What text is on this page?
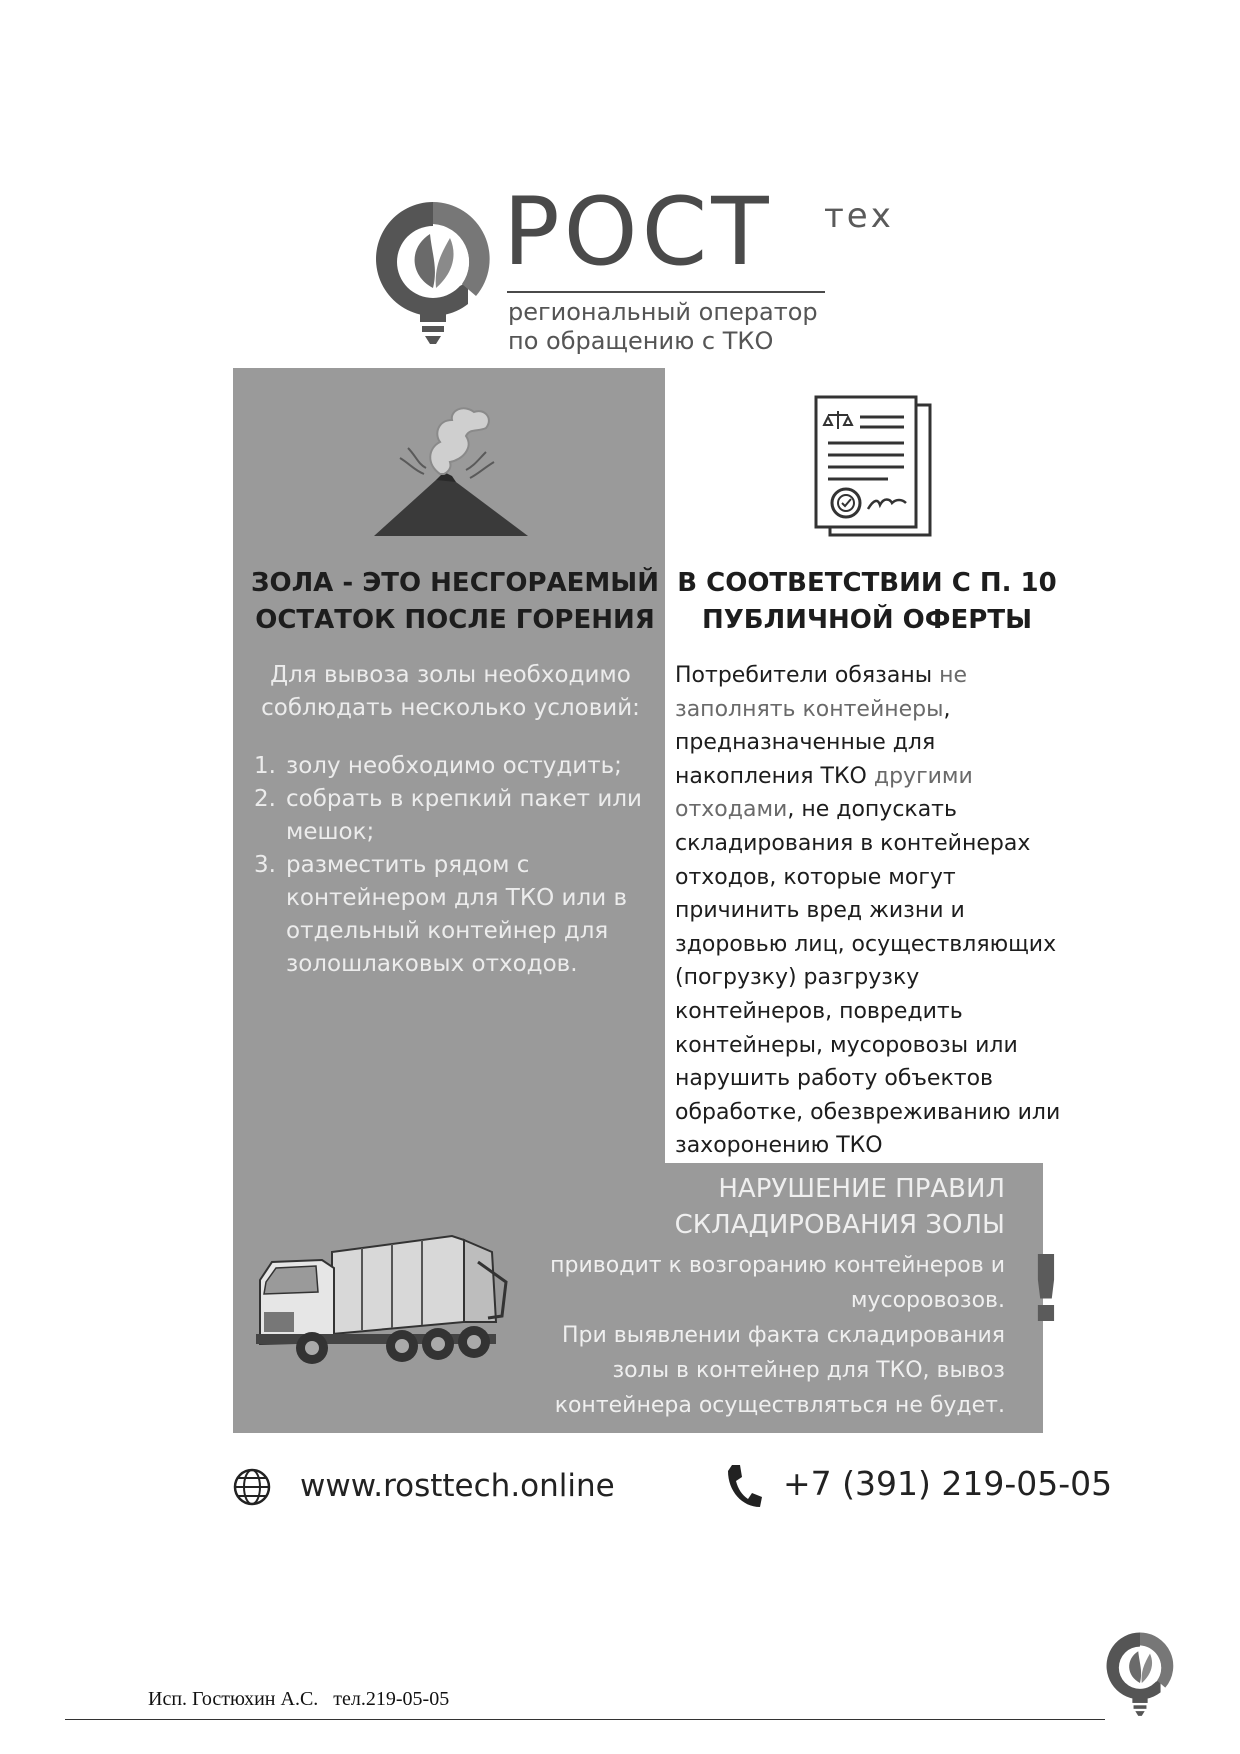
РОСТ тех
региональный оператор
по обращению с ТКО
ЗОЛА - ЭТО НЕСГОРАЕМЫЙ
ОСТАТОК ПОСЛЕ ГОРЕНИЯ
В СООТВЕТСТВИИ С П. 10
ПУБЛИЧНОЙ ОФЕРТЫ
Для вывоза золы необходимо
соблюдать несколько условий:
1. золу необходимо остудить;
2. собрать в крепкий пакет или мешок;
3. разместить рядом с контейнером для ТКО или в отдельный контейнер для золошлаковых отходов.

Потребители обязаны не заполнять контейнеры, предназначенные для накопления ТКО другими отходами, не допускать складирования в контейнерах отходов, которые могут причинить вред жизни и здоровью лиц, осуществляющих (погрузку) разгрузку контейнеров, повредить контейнеры, мусоровозы или нарушить работу объектов обработке, обезвреживанию или захоронению ТКО

НАРУШЕНИЕ ПРАВИЛ
СКЛАДИРОВАНИЯ ЗОЛЫ
приводит к возгоранию контейнеров и
мусоровозов.
При выявлении факта складирования
золы в контейнер для ТКО, вывоз
контейнера осуществляться не будет.
!
www.rosttech.online	+7 (391) 219-05-05
Исп. Гостюхин А.С.   тел.219-05-05
